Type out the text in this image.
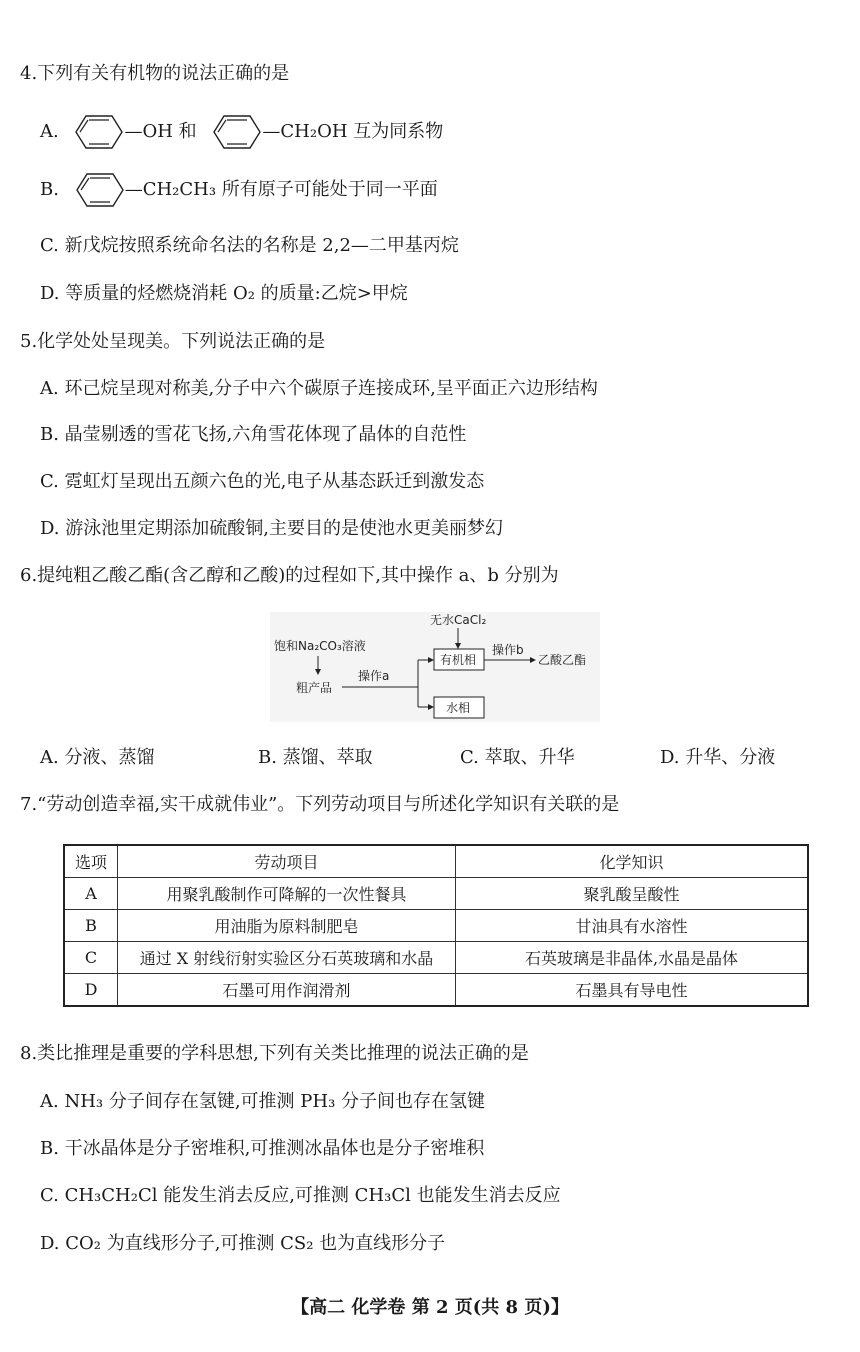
4.下列有关有机物的说法正确的是
A.	—OH 和	—CH₂OH 互为同系物
B.	—CH₂CH₃ 所有原子可能处于同一平面
C. 新戊烷按照系统命名法的名称是 2,2—二甲基丙烷
D. 等质量的烃燃烧消耗 O₂ 的质量:乙烷>甲烷
5.化学处处呈现美。下列说法正确的是
A. 环己烷呈现对称美,分子中六个碳原子连接成环,呈平面正六边形结构
B. 晶莹剔透的雪花飞扬,六角雪花体现了晶体的自范性
C. 霓虹灯呈现出五颜六色的光,电子从基态跃迁到激发态
D. 游泳池里定期添加硫酸铜,主要目的是使池水更美丽梦幻
6.提纯粗乙酸乙酯(含乙醇和乙酸)的过程如下,其中操作 a、b 分别为
饱和Na₂CO₃溶液
粗产品
操作a
无水CaCl₂
有机相
操作b
乙酸乙酯
水相
A. 分液、蒸馏	B. 蒸馏、萃取	C. 萃取、升华	D. 升华、分液
7.“劳动创造幸福,实干成就伟业”。下列劳动项目与所述化学知识有关联的是
选项	劳动项目	化学知识
A	用聚乳酸制作可降解的一次性餐具	聚乳酸呈酸性
B	用油脂为原料制肥皂	甘油具有水溶性
C	通过 X 射线衍射实验区分石英玻璃和水晶	石英玻璃是非晶体,水晶是晶体
D	石墨可用作润滑剂	石墨具有导电性
8.类比推理是重要的学科思想,下列有关类比推理的说法正确的是
A. NH₃ 分子间存在氢键,可推测 PH₃ 分子间也存在氢键
B. 干冰晶体是分子密堆积,可推测冰晶体也是分子密堆积
C. CH₃CH₂Cl 能发生消去反应,可推测 CH₃Cl 也能发生消去反应
D. CO₂ 为直线形分子,可推测 CS₂ 也为直线形分子
【高二 化学卷 第 2 页(共 8 页)】
